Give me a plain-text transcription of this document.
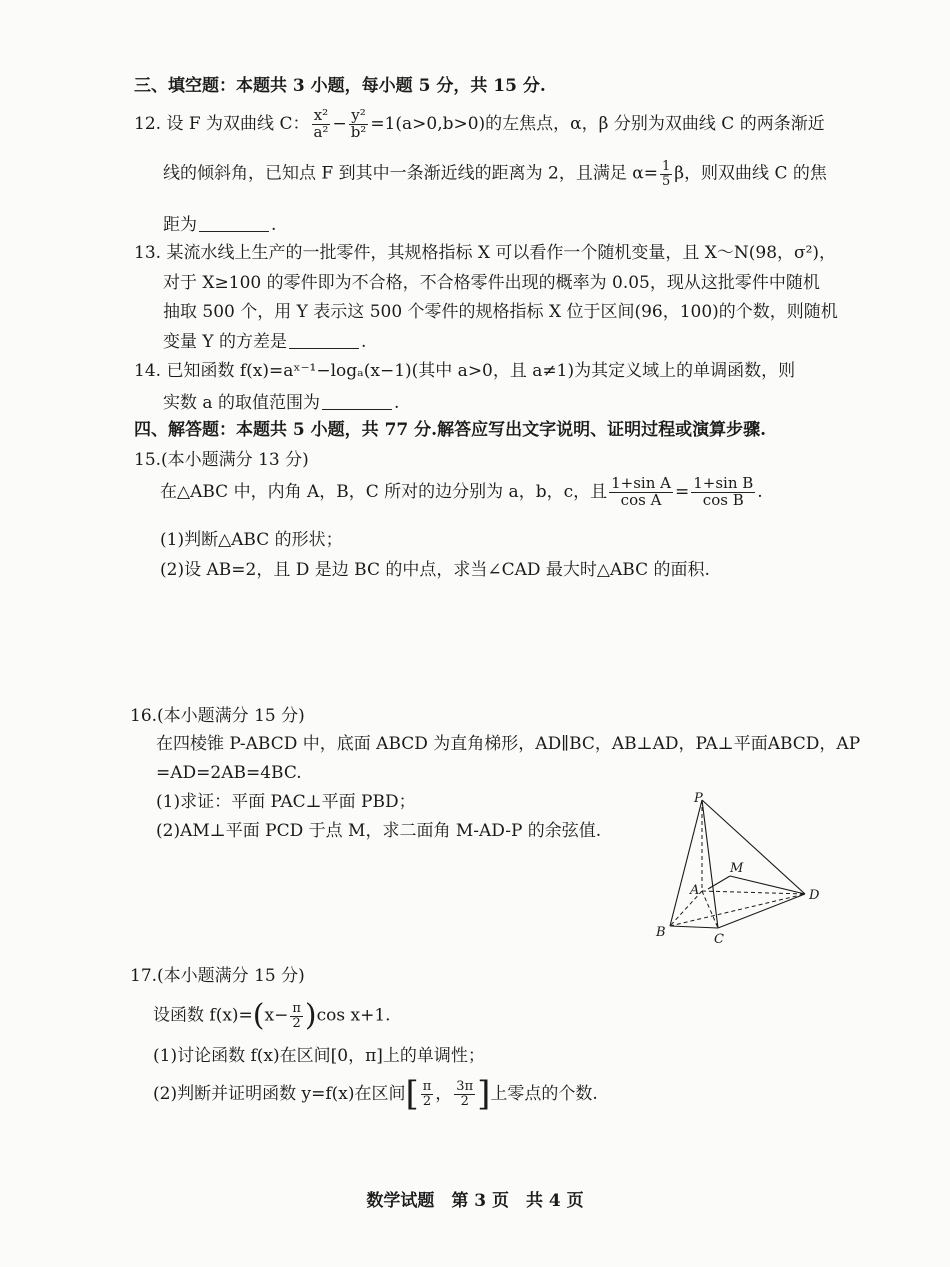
三、填空题：本题共 3 小题，每小题 5 分，共 15 分.
12. 设 F 为双曲线 C： $\frac{\text{x²}}{\text{a²}} - \frac{\text{y²}}{\text{b²}} =1(a>0,b>0)$的左焦点，α，β 分别为双曲线 C 的两条渐近
线的倾斜角，已知点 F 到其中一条渐近线的距离为 2，且满足 $\alpha= \frac{1}{5}$ β，则双曲线 C 的焦
距为	.
13. 某流水线上生产的一批零件，其规格指标 X 可以看作一个随机变量，且 X～N(98，σ²)，
对于 X≥100 的零件即为不合格，不合格零件出现的概率为 0.05，现从这批零件中随机
抽取 500 个，用 Y 表示这 500 个零件的规格指标 X 位于区间(96，100)的个数，则随机
变量 Y 的方差是	.
14. 已知函数 f(x)=aˣ⁻¹−logₐ(x−1)(其中 a>0，且 a≠1)为其定义域上的单调函数，则
实数 a 的取值范围为	.
四、解答题：本题共 5 小题，共 77 分.解答应写出文字说明、证明过程或演算步骤.
15.(本小题满分 13 分)
在△ABC 中，内角 A，B，C 所对的边分别为 a，b，c，且 $\frac{\text{1+sin A}}{\text{cos A}} = \frac{\text{1+sin B}}{\text{cos B}}$ .
(1)判断△ABC 的形状；
(2)设 AB=2，且 D 是边 BC 的中点，求当∠CAD 最大时△ABC 的面积.
16.(本小题满分 15 分)
在四棱锥 P-ABCD 中，底面 ABCD 为直角梯形，AD∥BC，AB⊥AD，PA⊥平面ABCD，AP
=AD=2AB=4BC.
(1)求证：平面 PAC⊥平面 PBD；
(2)AM⊥平面 PCD 于点 M，求二面角 M-AD-P 的余弦值.
P
M
A	D
B	C
17.(本小题满分 15 分)
设函数 $f(x)=(x- \frac{\pi}{2} )\cos$ x+1.
(1)讨论函数 f(x)在区间[0，π]上的单调性；
(2)判断并证明函数 y=f(x)在区间[ $\frac{\pi}{2}$ ， $\frac{3\pi}{2}$ ]上零点的个数.
数学试题　第 3 页　共 4 页
